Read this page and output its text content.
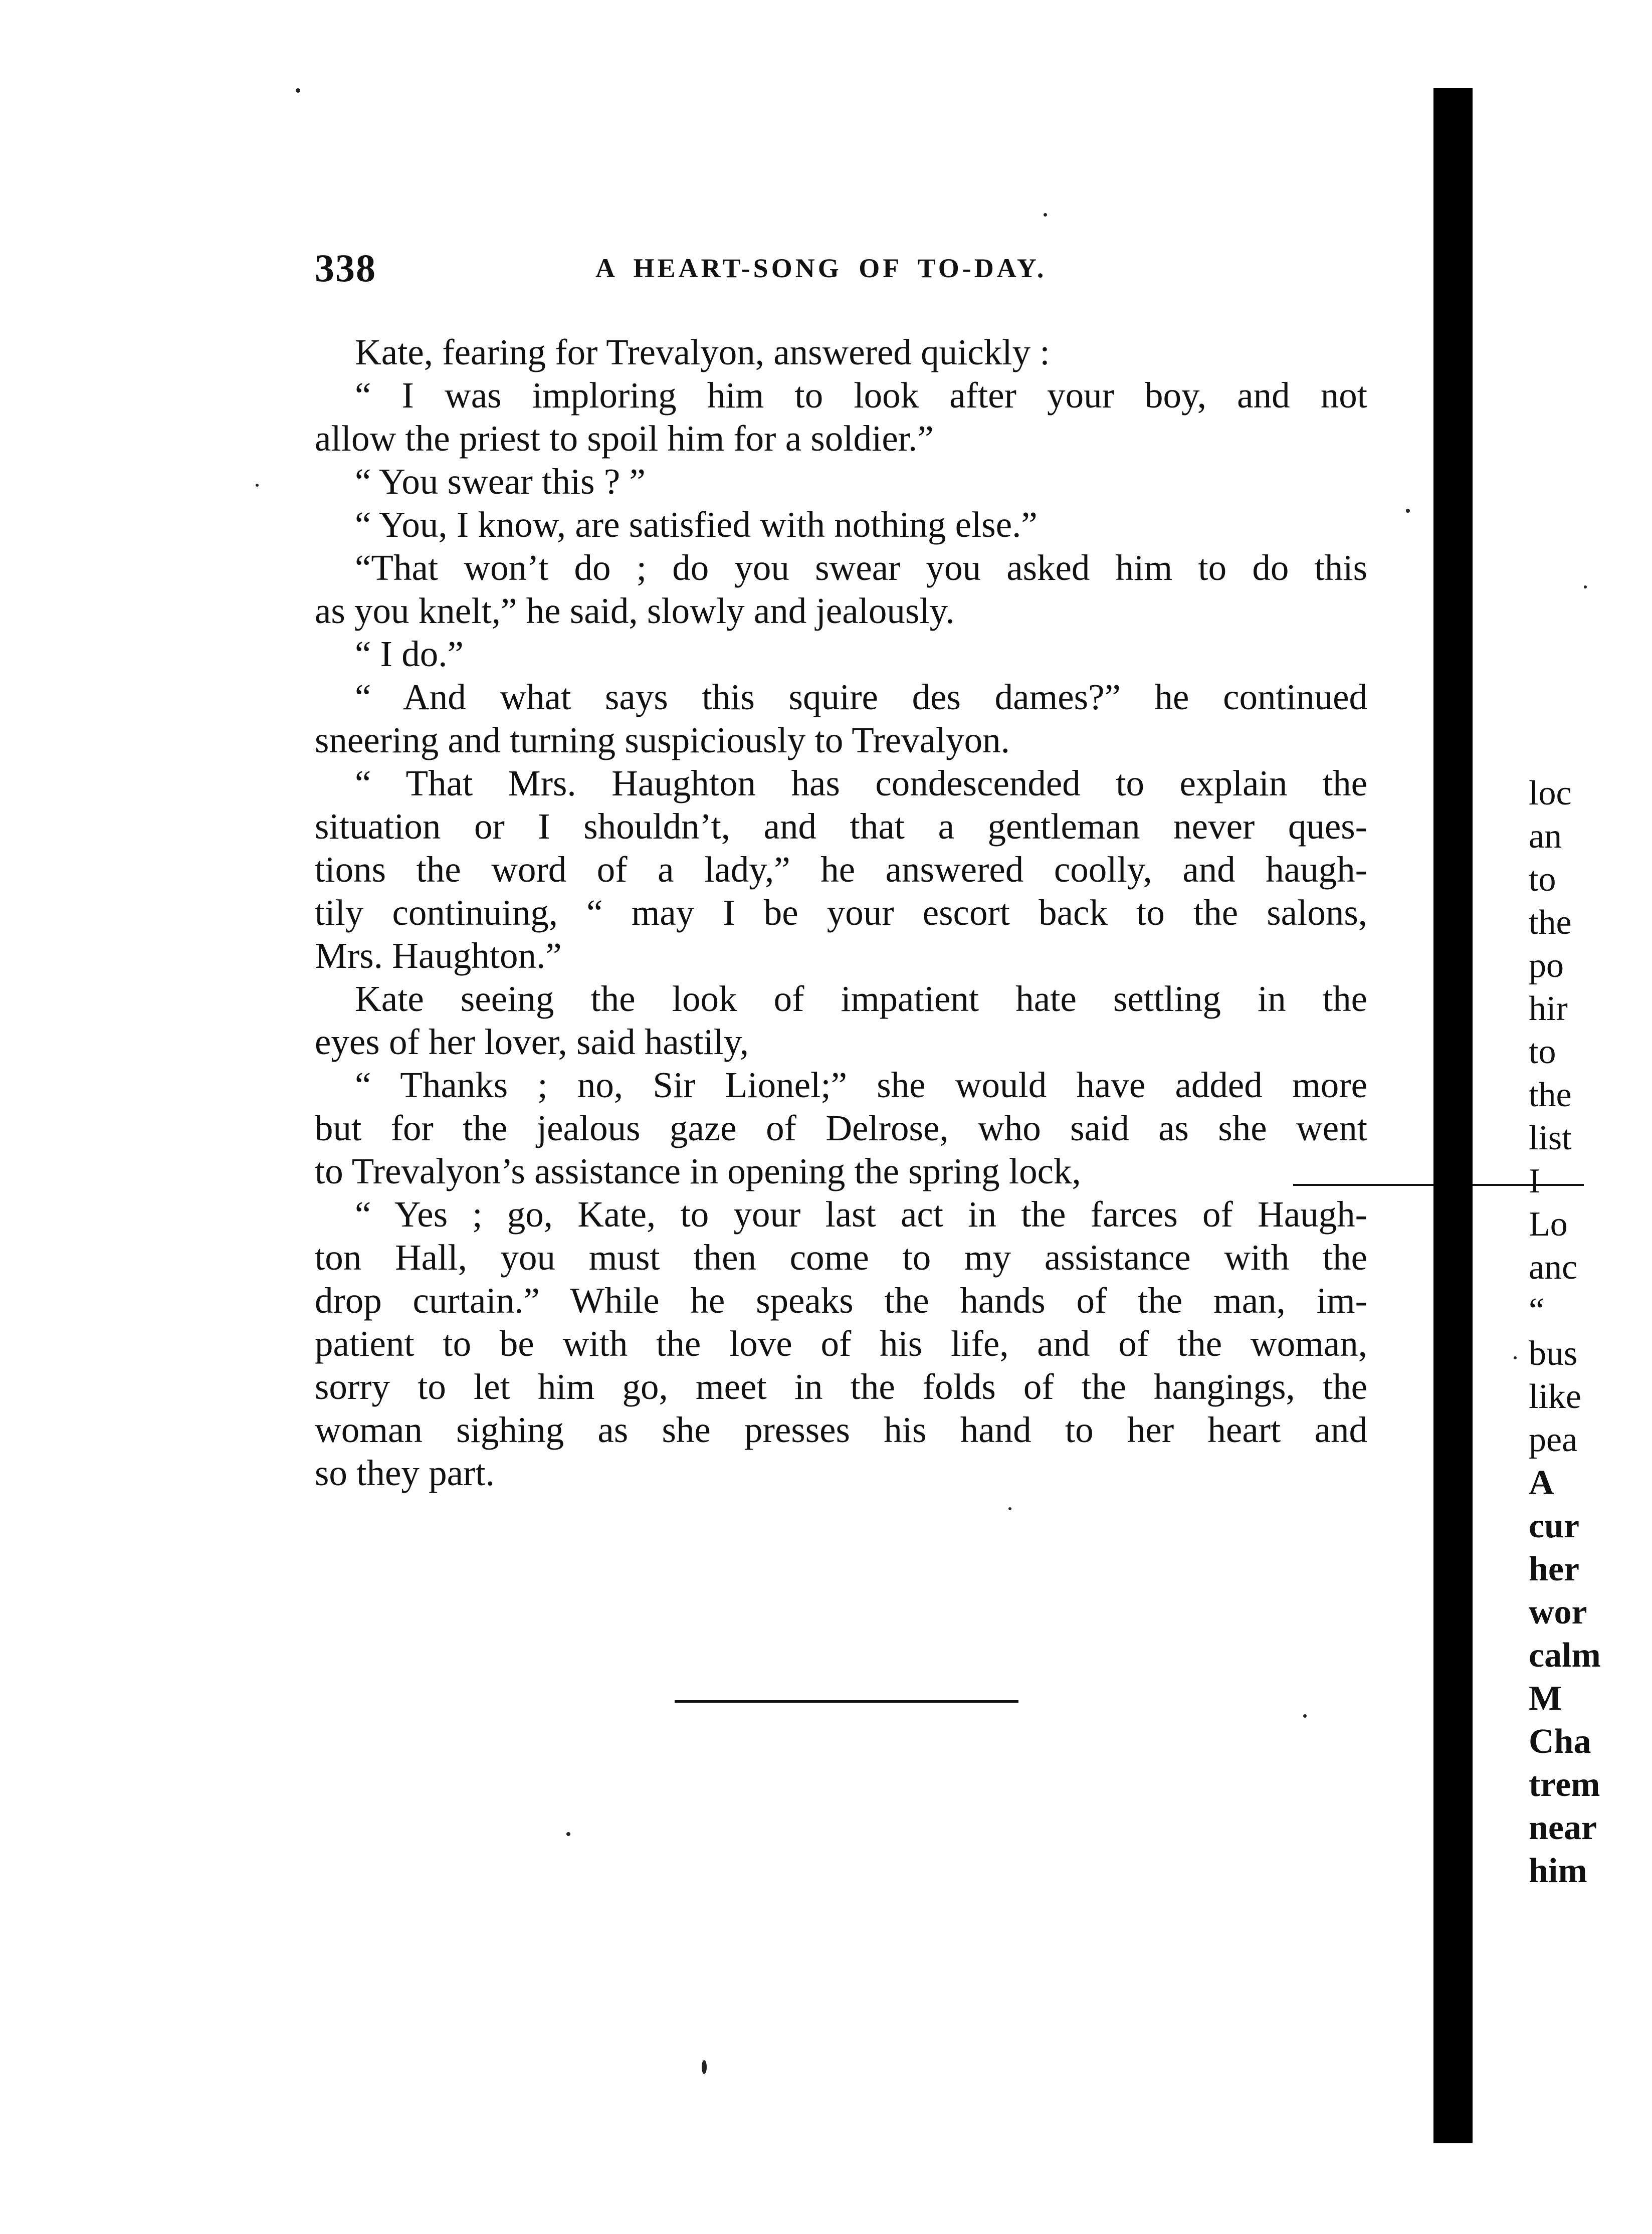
338	A HEART-SONG OF TO-DAY.
Kate, fearing for Trevalyon, answered quickly :
“ I was imploring him to look after your boy, and not
allow the priest to spoil him for a soldier.”
“ You swear this ? ”
“ You, I know, are satisfied with nothing else.”
“That won’t do ; do you swear you asked him to do this
as you knelt,” he said, slowly and jealously.
“ I do.”
“ And what says this squire des dames?” he continued
sneering and turning suspiciously to Trevalyon.
“ That Mrs. Haughton has condescended to explain the
situation or I shouldn’t, and that a gentleman never ques-
tions the word of a lady,” he answered coolly, and haugh-
tily continuing, “ may I be your escort back to the salons,
Mrs. Haughton.”
Kate seeing the look of impatient hate settling in the
eyes of her lover, said hastily,
“ Thanks ; no, Sir Lionel;” she would have added more
but for the jealous gaze of Delrose, who said as she went
to Trevalyon’s assistance in opening the spring lock,
“ Yes ; go, Kate, to your last act in the farces of Haugh-
ton Hall, you must then come to my assistance with the
drop curtain.” While he speaks the hands of the man, im-
patient to be with the love of his life, and of the woman,
sorry to let him go, meet in the folds of the hangings, the
woman sighing as she presses his hand to her heart and
so they part.
loc
an
to
the
po
hir
to
the
list
I
Lo
anc
“
bus
like
pea
A
cur
her
wor
calm
M
Cha
trem
near
him
